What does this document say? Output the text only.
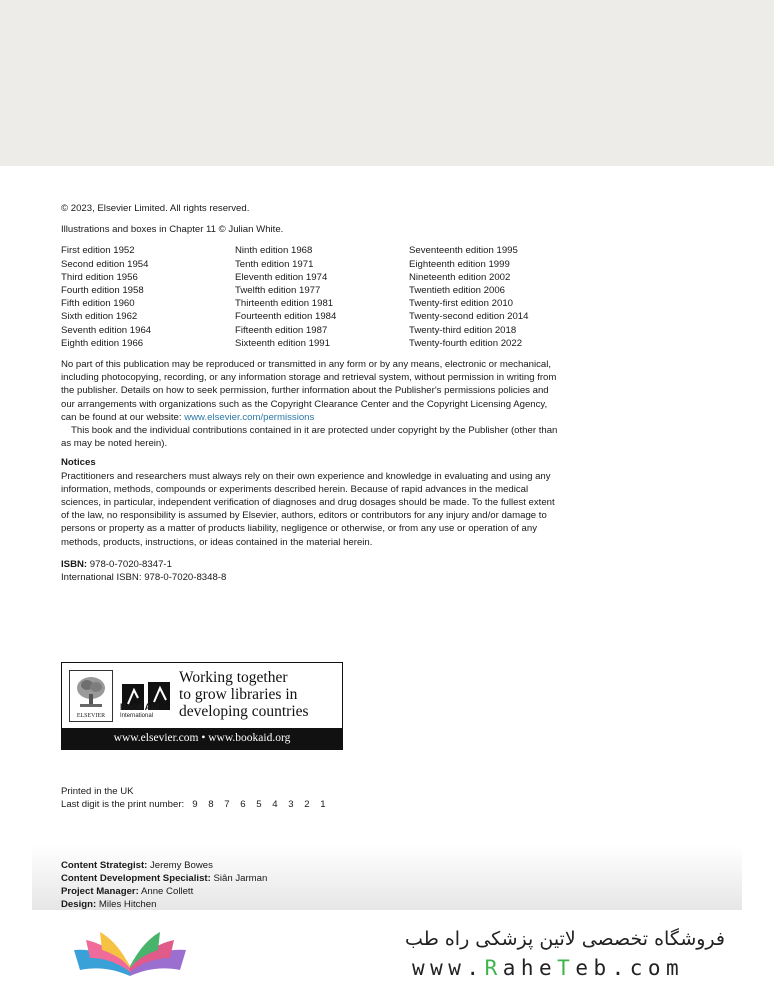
© 2023, Elsevier Limited. All rights reserved.
Illustrations and boxes in Chapter 11 © Julian White.
First edition 1952
Second edition 1954
Third edition 1956
Fourth edition 1958
Fifth edition 1960
Sixth edition 1962
Seventh edition 1964
Eighth edition 1966
Ninth edition 1968
Tenth edition 1971
Eleventh edition 1974
Twelfth edition 1977
Thirteenth edition 1981
Fourteenth edition 1984
Fifteenth edition 1987
Sixteenth edition 1991
Seventeenth edition 1995
Eighteenth edition 1999
Nineteenth edition 2002
Twentieth edition 2006
Twenty-first edition 2010
Twenty-second edition 2014
Twenty-third edition 2018
Twenty-fourth edition 2022
No part of this publication may be reproduced or transmitted in any form or by any means, electronic or mechanical,
including photocopying, recording, or any information storage and retrieval system, without permission in writing from
the publisher. Details on how to seek permission, further information about the Publisher's permissions policies and
our arrangements with organizations such as the Copyright Clearance Center and the Copyright Licensing Agency,
can be found at our website: www.elsevier.com/permissions
This book and the individual contributions contained in it are protected under copyright by the Publisher (other than
as may be noted herein).
Notices
Practitioners and researchers must always rely on their own experience and knowledge in evaluating and using any
information, methods, compounds or experiments described herein. Because of rapid advances in the medical
sciences, in particular, independent verification of diagnoses and drug dosages should be made. To the fullest extent
of the law, no responsibility is assumed by Elsevier, authors, editors or contributors for any injury and/or damage to
persons or property as a matter of products liability, negligence or otherwise, or from any use or operation of any
methods, products, instructions, or ideas contained in the material herein.
ISBN: 978-0-7020-8347-1
International ISBN: 978-0-7020-8348-8
ELSEVIER
Book Aid
International
Working together
to grow libraries in
developing countries
www.elsevier.com • www.bookaid.org
Printed in the UK
Last digit is the print number: 9 8 7 6 5 4 3 2 1
Content Strategist: Jeremy Bowes
Content Development Specialist: Siân Jarman
Project Manager: Anne Collett
Design: Miles Hitchen
فروشگاه تخصصی لاتین پزشکی راه طب
www.RaheTeb.com
